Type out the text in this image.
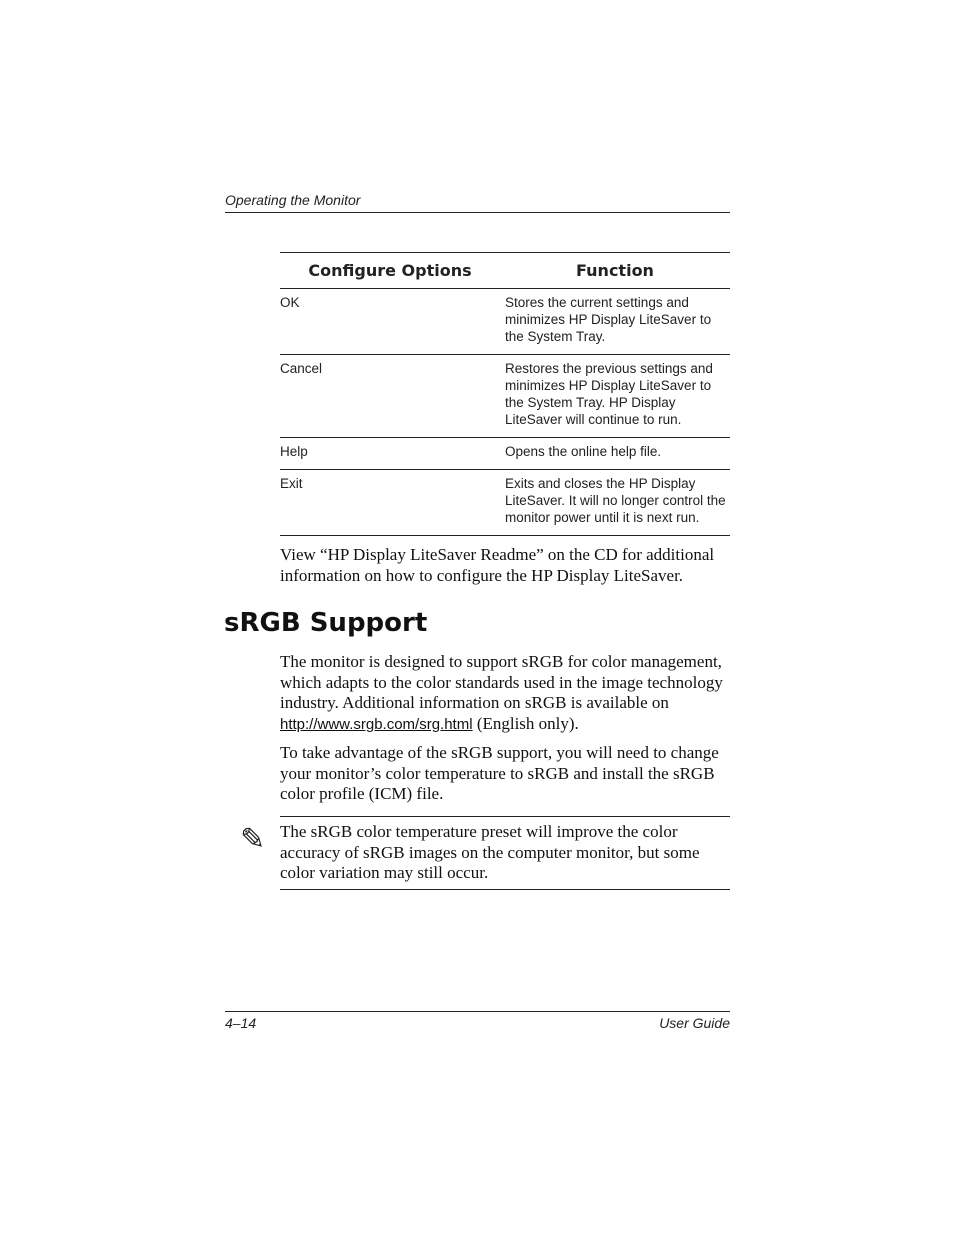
Operating the Monitor
Configure Options	Function
OK	Stores the current settings and minimizes HP Display LiteSaver to the System Tray.
Cancel	Restores the previous settings and minimizes HP Display LiteSaver to the System Tray. HP Display LiteSaver will continue to run.
Help	Opens the online help file.
Exit	Exits and closes the HP Display LiteSaver. It will no longer control the monitor power until it is next run.

View “HP Display LiteSaver Readme” on the CD for additional information on how to configure the HP Display LiteSaver.

sRGB Support

The monitor is designed to support sRGB for color management, which adapts to the color standards used in the image technology industry. Additional information on sRGB is available on http://www.srgb.com/srg.html (English only).

To take advantage of the sRGB support, you will need to change your monitor’s color temperature to sRGB and install the sRGB color profile (ICM) file.

✎ The sRGB color temperature preset will improve the color accuracy of sRGB images on the computer monitor, but some color variation may still occur.

4–14	User Guide
